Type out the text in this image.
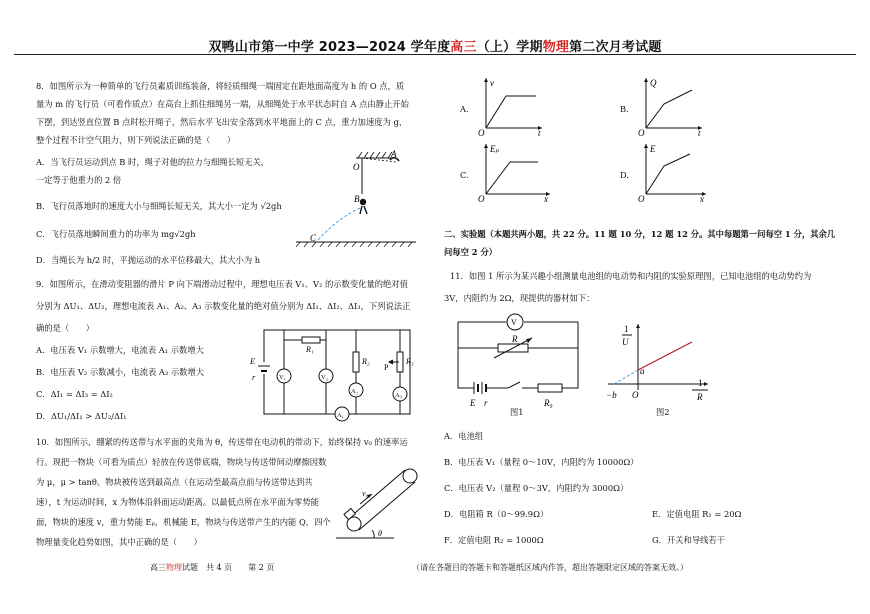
双鸭山市第一中学 2023—2024 学年度高三（上）学期物理第二次月考试题
8．如图所示为一种简单的飞行员素质训练装备，将轻质细绳一端固定在距地面高度为 h 的 O 点，质
量为 m 的飞行员（可看作质点）在高台上抓住细绳另一端，从细绳处于水平状态时自 A 点由静止开始
下摆，到达竖直位置 B 点时松开绳子，然后水平飞出安全落到水平地面上的 C 点，重力加速度为 g，
整个过程不计空气阻力，则下列说法正确的是（　　）
A．当飞行员运动到点 B 时，绳子对他的拉力与细绳长短无关，
一定等于他重力的 2 倍
B．飞行员落地时的速度大小与细绳长短无关，其大小一定为 √2gh
C．飞行员落地瞬间重力的功率为 mg√2gh
D．当绳长为 h/2 时，平抛运动的水平位移最大，其大小为 h
A
O
B
C
9．如图所示，在滑动变阻器的滑片 P 向下端滑动过程中，理想电压表 V₁、V₂ 的示数变化量的绝对值
分别为 ΔU₁、ΔU₂，理想电流表 A₁、A₂、A₃ 示数变化量的绝对值分别为 ΔI₁、ΔI₂、ΔI₃，下列说法正
确的是（　　）
A．电压表 V₁ 示数增大，电流表 A₁ 示数增大
B．电压表 V₂ 示数减小，电流表 A₃ 示数增大
C．ΔI₁ = ΔI₃ = ΔI₂
D．ΔU₁/ΔI₁ > ΔU₂/ΔI₁
E
r	V₁	V₂
R₁
R₂	R₃
P
A₂
A₃
A₁
10．如图所示，绷紧的传送带与水平面的夹角为 θ，传送带在电动机的带动下，始终保持 v₀ 的速率运
行。现把一物块（可看为质点）轻放在传送带底端，物块与传送带间动摩擦因数
为 μ，μ > tanθ。物块被传送到最高点（在运动至最高点前与传送带达到共
速），t 为运动时间，x 为物体沿斜面运动距离。以最低点所在水平面为零势能
面，物块的速度 v，重力势能 Eₚ，机械能 E，物块与传送带产生的内能 Q，四个
物理量变化趋势如图，其中正确的是（　　）
v₀
θ
A.
v
t
O
B.
Q
t
O
C.
Eₚ
x
O
D.
E
x
O
二、实验题（本题共两小题，共 22 分。11 题 10 分，12 题 12 分。其中每题第一问每空 1 分，其余几
问每空 2 分）
11．如图 1 所示为某兴趣小组测量电池组的电动势和内阻的实验原理图，已知电池组的电动势约为
3V，内阻约为 2Ω，现提供的器材如下：
V
R
E r	R₀
图1
1
U
a
−b O
1
R
图2
A．电池组
B．电压表 V₁（量程 0～10V，内阻约为 10000Ω）
C．电压表 V₂（量程 0～3V，内阻约为 3000Ω）
D．电阻箱 R（0～99.9Ω）	E．定值电阻 R₁ = 20Ω
F．定值电阻 R₂ = 1000Ω	G．开关和导线若干
高三物理试题　共 4 页　　第 2 页	（请在各题目的答题卡和答题纸区域内作答，超出答题限定区域的答案无效。）
